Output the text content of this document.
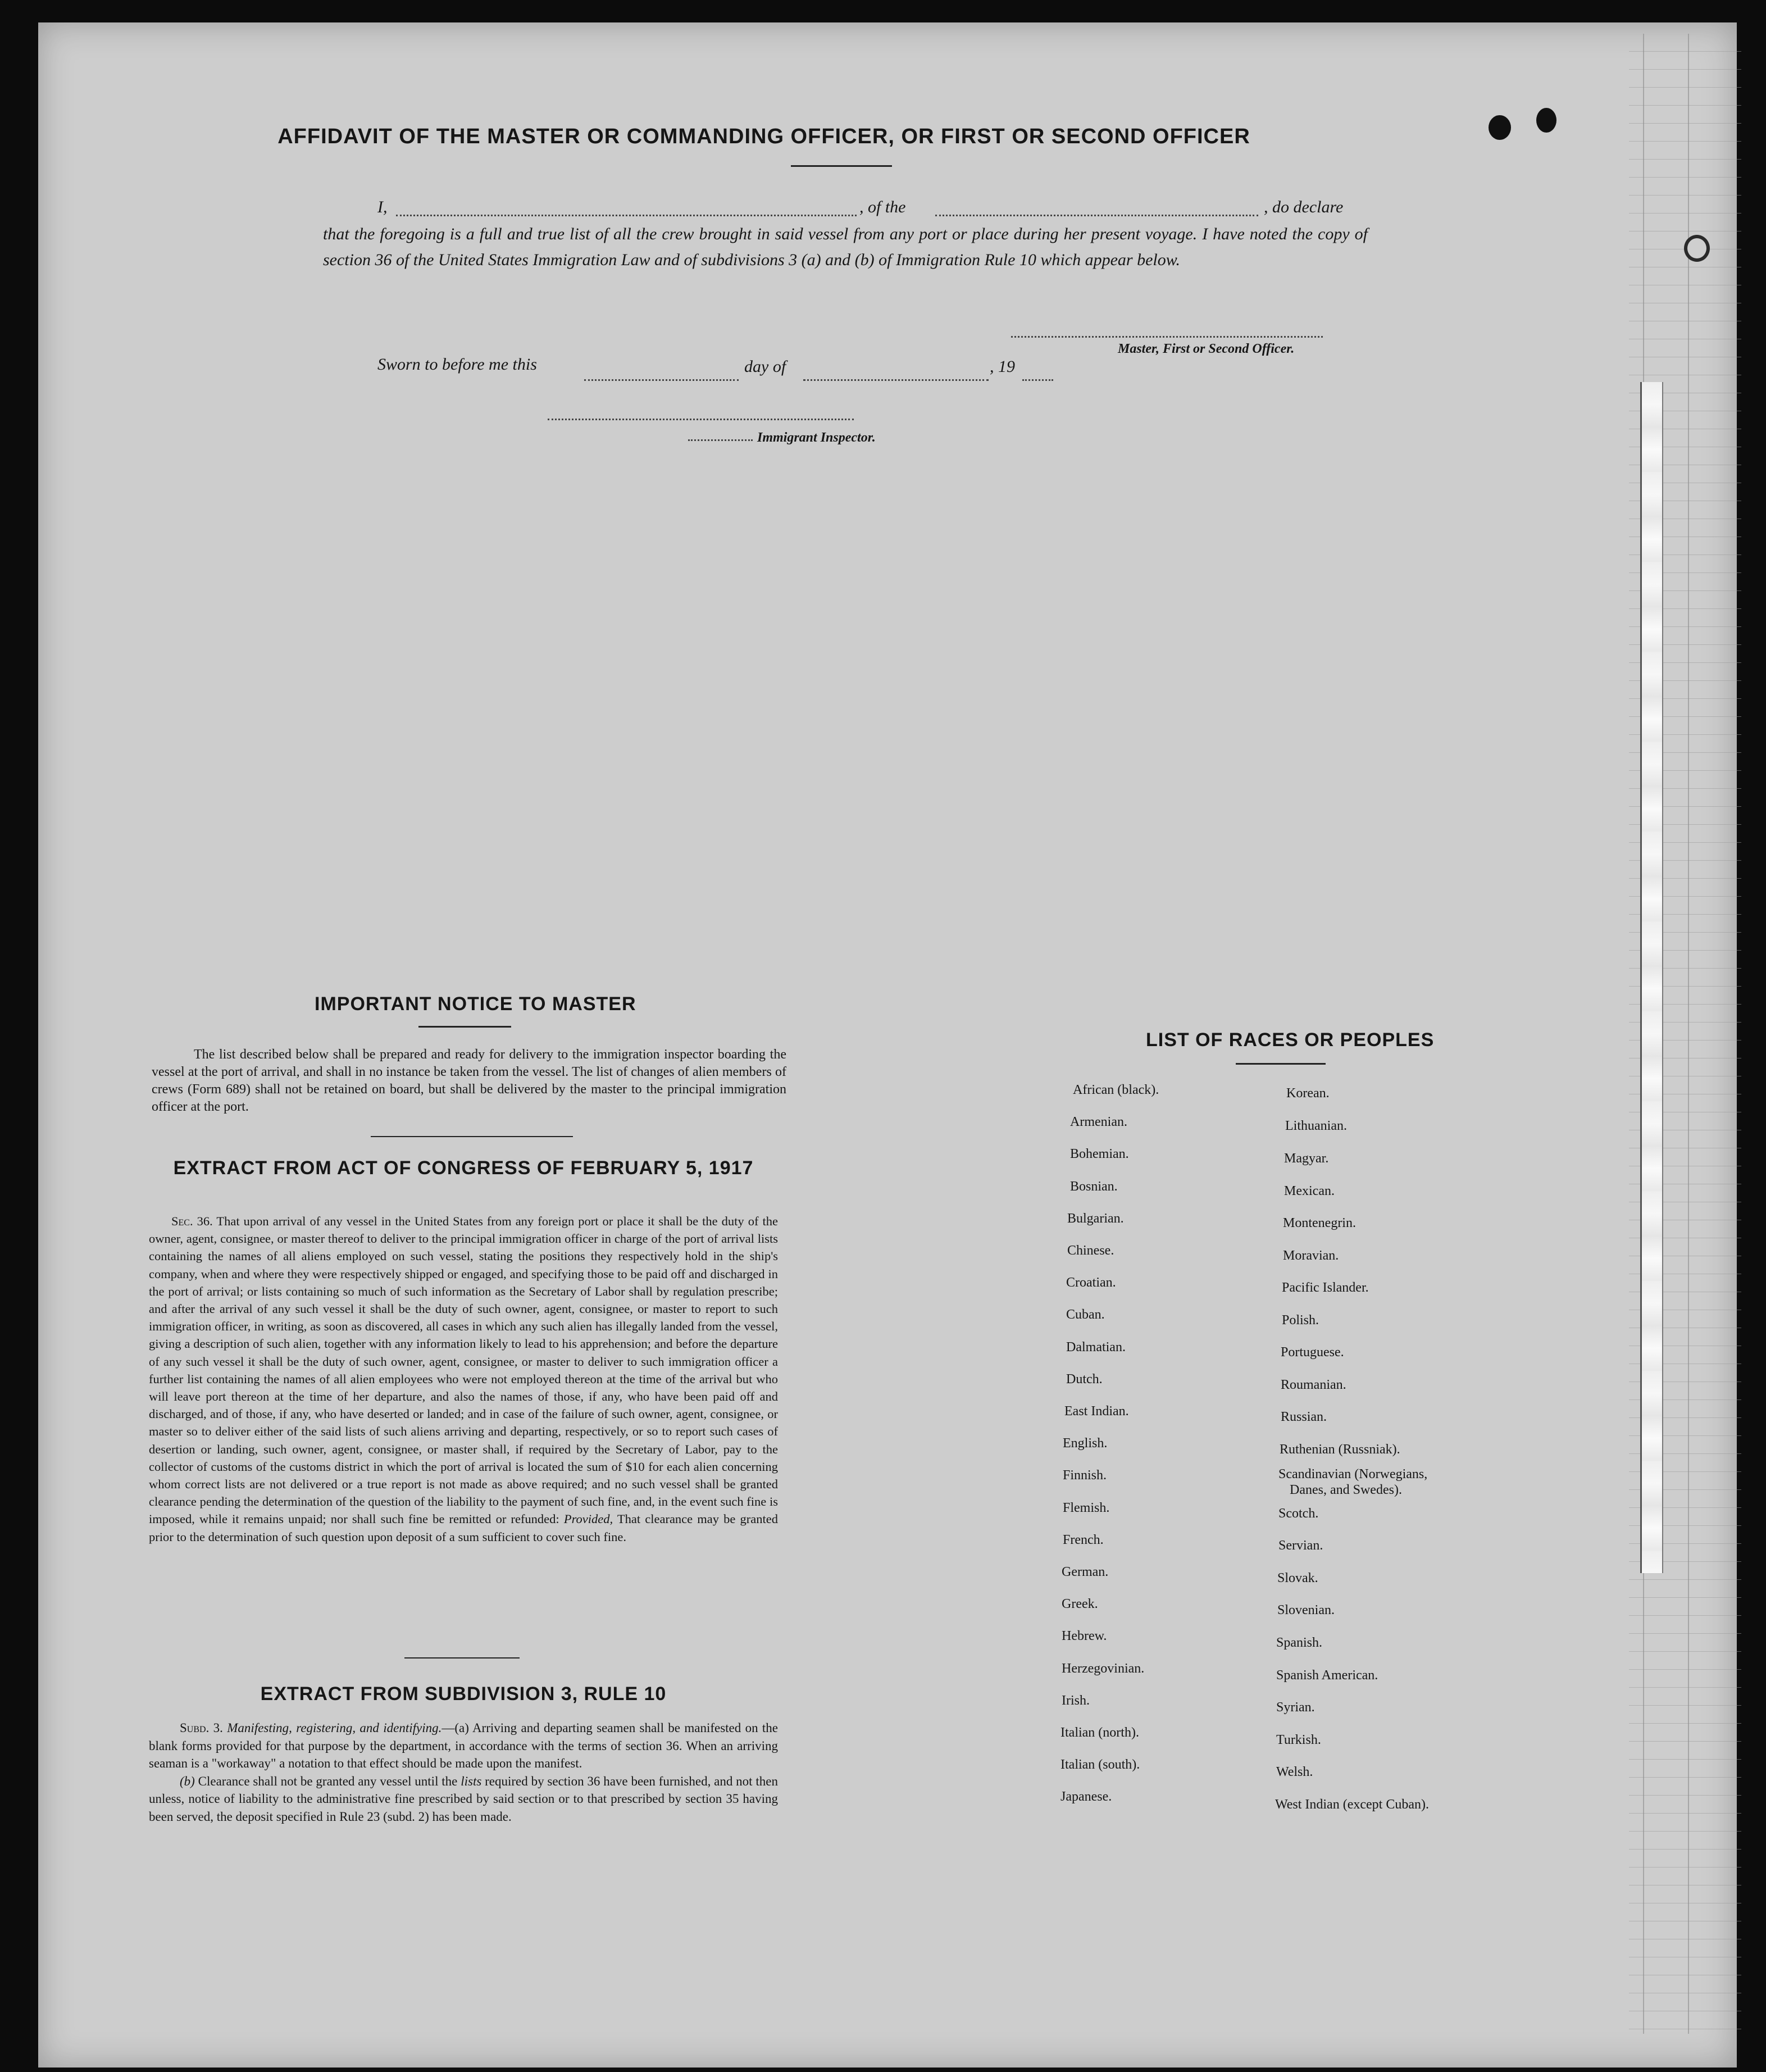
AFFIDAVIT OF THE MASTER OR COMMANDING OFFICER, OR FIRST OR SECOND OFFICER
I,	, of the	, do declare
that the foregoing is a full and true list of all the crew brought in said vessel from any port or place during her present voyage. I have noted the copy of section 36 of the United States Immigration Law and of subdivisions 3 (a) and (b) of Immigration Rule 10 which appear below.
Master, First or Second Officer.
Sworn to before me this	day of	, 19
Immigrant Inspector.
IMPORTANT NOTICE TO MASTER
The list described below shall be prepared and ready for delivery to the immigration inspector boarding the vessel at the port of arrival, and shall in no instance be taken from the vessel. The list of changes of alien members of crews (Form 689) shall not be retained on board, but shall be delivered by the master to the principal immigration officer at the port.
EXTRACT FROM ACT OF CONGRESS OF FEBRUARY 5, 1917
Sec. 36. That upon arrival of any vessel in the United States from any foreign port or place it shall be the duty of the owner, agent, consignee, or master thereof to deliver to the principal immigration officer in charge of the port of arrival lists containing the names of all aliens employed on such vessel, stating the positions they respectively hold in the ship's company, when and where they were respectively shipped or engaged, and specifying those to be paid off and discharged in the port of arrival; or lists containing so much of such information as the Secretary of Labor shall by regulation prescribe; and after the arrival of any such vessel it shall be the duty of such owner, agent, consignee, or master to report to such immigration officer, in writing, as soon as discovered, all cases in which any such alien has illegally landed from the vessel, giving a description of such alien, together with any information likely to lead to his apprehension; and before the departure of any such vessel it shall be the duty of such owner, agent, consignee, or master to deliver to such immigration officer a further list containing the names of all alien employees who were not employed thereon at the time of the arrival but who will leave port thereon at the time of her departure, and also the names of those, if any, who have been paid off and discharged, and of those, if any, who have deserted or landed; and in case of the failure of such owner, agent, consignee, or master so to deliver either of the said lists of such aliens arriving and departing, respectively, or so to report such cases of desertion or landing, such owner, agent, consignee, or master shall, if required by the Secretary of Labor, pay to the collector of customs of the customs district in which the port of arrival is located the sum of $10 for each alien concerning whom correct lists are not delivered or a true report is not made as above required; and no such vessel shall be granted clearance pending the determination of the question of the liability to the payment of such fine, and, in the event such fine is imposed, while it remains unpaid; nor shall such fine be remitted or refunded: Provided, That clearance may be granted prior to the determination of such question upon deposit of a sum sufficient to cover such fine.
EXTRACT FROM SUBDIVISION 3, RULE 10
Subd. 3. Manifesting, registering, and identifying.—(a) Arriving and departing seamen shall be manifested on the blank forms provided for that purpose by the department, in accordance with the terms of section 36. When an arriving seaman is a "workaway" a notation to that effect should be made upon the manifest.
(b) Clearance shall not be granted any vessel until the lists required by section 36 have been furnished, and not then unless, notice of liability to the administrative fine prescribed by said section or to that prescribed by section 35 having been served, the deposit specified in Rule 23 (subd. 2) has been made.
LIST OF RACES OR PEOPLES
African (black).
Armenian.
Bohemian.
Bosnian.
Bulgarian.
Chinese.
Croatian.
Cuban.
Dalmatian.
Dutch.
East Indian.
English.
Finnish.
Flemish.
French.
German.
Greek.
Hebrew.
Herzegovinian.
Irish.
Italian (north).
Italian (south).
Japanese.
Korean.
Lithuanian.
Magyar.
Mexican.
Montenegrin.
Moravian.
Pacific Islander.
Polish.
Portuguese.
Roumanian.
Russian.
Ruthenian (Russniak).
Scandinavian (Norwegians,
Danes, and Swedes).
Scotch.
Servian.
Slovak.
Slovenian.
Spanish.
Spanish American.
Syrian.
Turkish.
Welsh.
West Indian (except Cuban).
